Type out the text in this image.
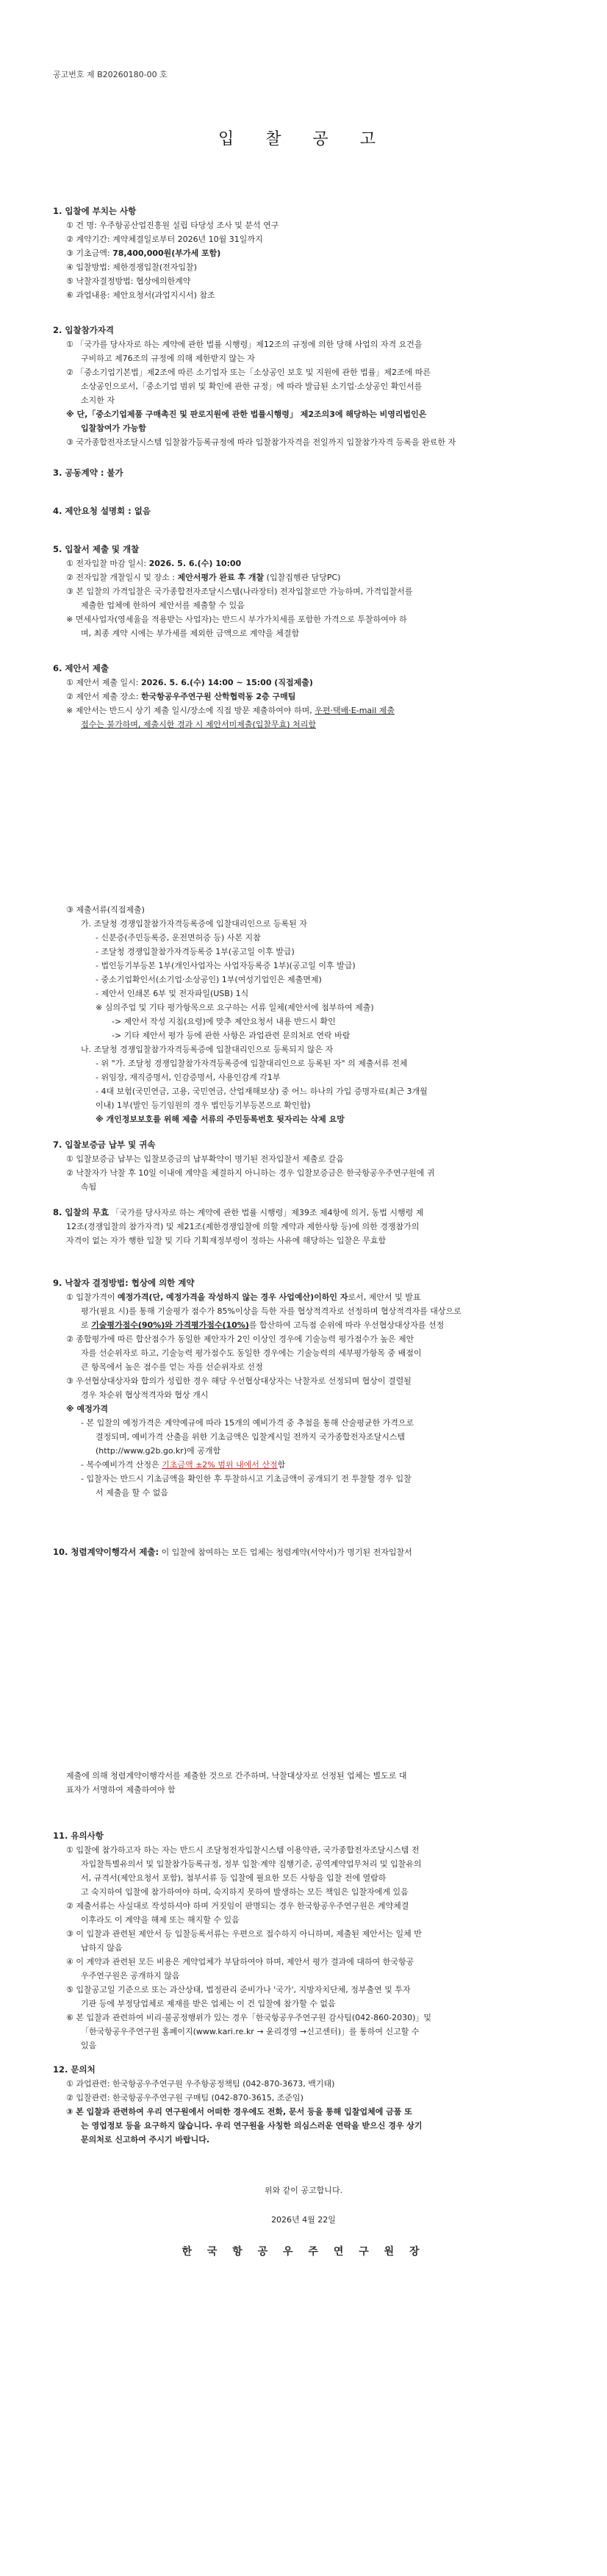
공고번호 제 B20260180-00 호
입 찰 공 고
1. 입찰에 부치는 사항
① 건 명: 우주항공산업진흥원 설립 타당성 조사 및 분석 연구
② 계약기간: 계약체결일로부터 2026년 10월 31일까지
③ 기초금액: 78,400,000원(부가세 포함)
④ 입찰방법: 제한경쟁입찰(전자입찰)
⑤ 낙찰자결정방법: 협상에의한계약
⑥ 과업내용: 제안요청서(과업지시서) 참조
2. 입찰참가자격
① 「국가를 당사자로 하는 계약에 관한 법률 시행령」제12조의 규정에 의한 당해 사업의 자격 요건을
구비하고 제76조의 규정에 의해 제한받지 않는 자
② 「중소기업기본법」제2조에 따른 소기업자 또는「소상공인 보호 및 지원에 관한 법률」제2조에 따른
소상공인으로서,「중소기업 범위 및 확인에 관한 규정」에 따라 발급된 소기업·소상공인 확인서를
소지한 자
※ 단,「중소기업제품 구매촉진 및 판로지원에 관한 법률시행령」 제2조의3에 해당하는 비영리법인은
입찰참여가 가능함
③ 국가종합전자조달시스템 입찰참가등록규정에 따라 입찰참가자격을 전일까지 입찰참가자격 등록을 완료한 자
3. 공동계약 : 불가
4. 제안요청 설명회 : 없음
5. 입찰서 제출 및 개찰
① 전자입찰 마감 일시: 2026. 5. 6.(수) 10:00
② 전자입찰 개찰일시 및 장소 : 제안서평가 완료 후 개찰 (입찰집행관 담당PC)
③ 본 입찰의 가격입찰은 국가종합전자조달시스템(나라장터) 전자입찰로만 가능하며, 가격입찰서를
제출한 업체에 한하여 제안서를 제출할 수 있음
※ 면세사업자(영세율을 적용받는 사업자)는 반드시 부가가치세를 포함한 가격으로 투찰하여야 하
며, 최종 계약 시에는 부가세를 제외한 금액으로 계약을 체결함
6. 제안서 제출
① 제안서 제출 일시: 2026. 5. 6.(수) 14:00 ~ 15:00 (직접제출)
② 제안서 제출 장소: 한국항공우주연구원 산학협력동 2층 구매팀
※ 제안서는 반드시 상기 제출 일시/장소에 직접 방문 제출하여야 하며, 우편·택배·E-mail 제출
접수는 불가하며, 제출시한 경과 시 제안서미제출(입찰무효) 처리함
③ 제출서류(직접제출)
가. 조달청 경쟁입찰참가자격등록증에 입찰대리인으로 등록된 자
- 신분증(주민등록증, 운전면허증 등) 사본 지참
- 조달청 경쟁입찰참가자격등록증 1부(공고일 이후 발급)
- 법인등기부등본 1부(개인사업자는 사업자등록증 1부)(공고일 이후 발급)
- 중소기업확인서(소기업·소상공인) 1부(여성기업인은 제출면제)
- 제안서 인쇄본 6부 및 전자파일(USB) 1식
※ 심의주업 및 기타 평가항목으로 요구하는 서류 일체(제안서에 첨부하여 제출)
-> 제안서 작성 지침(요령)에 맞추 제안요청서 내용 반드시 확인
-> 기타 제안서 평가 등에 관한 사항은 과업관련 문의처로 연락 바람
나. 조달청 경쟁입찰참가자격등록증에 입찰대리인으로 등록되지 않은 자
- 위 "가. 조달청 경쟁입찰참가자격등록증에 입찰대리인으로 등록된 자" 의 제출서류 전체
- 위임장, 재직증명서, 인감증명서, 사용인감계 각1부
- 4대 보험(국민연금, 고용, 국민연금, 산업재해보상) 중 어느 하나의 가입 증명자료(최근 3개월
이내) 1부(발인 등기임원의 경우 법인등기부등본으로 확인함)
※ 개인정보보호를 위해 제출 서류의 주민등록번호 뒷자리는 삭제 요망
7. 입찰보증금 납부 및 귀속
① 입찰보증금 납부는 입찰보증금의 납부확약이 명기된 전자입찰서 제출로 갈음
② 낙찰자가 낙찰 후 10일 이내에 계약을 체결하지 아니하는 경우 입찰보증금은 한국항공우주연구원에 귀
속됨
8. 입찰의 무효 「국가를 당사자로 하는 계약에 관한 법률 시행령」제39조 제4항에 의거, 동법 시행령 제
12조(경쟁입찰의 참가자격) 및 제21조(제한경쟁입찰에 의할 계약과 제한사항 등)에 의한 경쟁참가의
자격이 없는 자가 행한 입찰 및 기타 기획재정부령이 정하는 사유에 해당하는 입찰은 무효함
9. 낙찰자 결정방법: 협상에 의한 계약
① 입찰가격이 예정가격(단, 예정가격을 작성하지 않는 경우 사업예산)이하인 자로서, 제안서 및 발표
평가(필요 시)를 통해 기술평가 점수가 85%이상을 득한 자를 협상적격자로 선정하며 협상적격자를 대상으로
로 기술평가점수(90%)와 가격평가점수(10%)를 합산하여 고득점 순위에 따라 우선협상대상자를 선정
② 종합평가에 따른 합산점수가 동일한 제안자가 2인 이상인 경우에 기술능력 평가점수가 높은 제안
자를 선순위자로 하고, 기술능력 평가점수도 동일한 경우에는 기술능력의 세부평가항목 중 배점이
큰 항목에서 높은 점수를 얻는 자를 선순위자로 선정
③ 우선협상대상자와 합의가 성립한 경우 해당 우선협상대상자는 낙찰자로 선정되며 협상이 결렬될
경우 차순위 협상적격자와 협상 개시
※ 예정가격
- 본 입찰의 예정가격은 계약예규에 따라 15개의 예비가격 중 추첨을 통해 산술평균한 가격으로
결정되며, 예비가격 산출을 위한 기초금액은 입찰게시일 전까지 국가종합전자조달시스템
(http://www.g2b.go.kr)에 공개함
- 복수예비가격 산정은 기초금액 ±2% 범위 내에서 산정함
- 입찰자는 반드시 기초금액을 확인한 후 투찰하시고 기초금액이 공개되기 전 투찰할 경우 입찰
서 제출을 할 수 없음
10. 청렴계약이행각서 제출: 이 입찰에 참여하는 모든 업체는 청렴계약(서약서)가 명기된 전자입찰서
제출에 의해 청렴계약이행각서를 제출한 것으로 간주하며, 낙찰대상자로 선정된 업체는 별도로 대
표자가 서명하여 제출하여야 함
11. 유의사항
① 입찰에 참가하고자 하는 자는 반드시 조달청전자입찰시스템 이용약관, 국가종합전자조달시스템 전
자입찰특별유의서 및 입찰참가등록규정, 정부 입찰·계약 집행기준, 공역계약업무처리 및 입찰유의
서, 규격서(제안요청서 포함), 첨부서류 등 입찰에 필요한 모든 사항을 입찰 전에 열람하
고 숙지하여 입찰에 참가하여야 하며, 숙지하지 못하여 발생하는 모든 책임은 입찰자에게 있음
② 제출서류는 사실대로 작성하셔야 하며 거짓임이 판명되는 경우 한국항공우주연구원은 계약체결
이후라도 이 계약을 해제 또는 해지할 수 있음
③ 이 입찰과 관련된 제안서 등 입찰등록서류는 우편으로 접수하지 아니하며, 제출된 제안서는 일체 반
납하지 않음
④ 이 계약과 관련된 모든 비용은 계약업체가 부담하여야 하며, 제안서 평가 결과에 대하여 한국항공
우주연구원은 공개하지 않음
⑤ 입찰공고일 기준으로 또는 과산상태, 법정관리 준비가나 '국가', 지방자치단체, 정부출연 및 투자
기관 등에 부정당업체로 제재를 받은 업체는 이 건 입찰에 참가할 수 없음
⑥ 본 입찰과 관련하여 비리·불공정행위가 있는 경우「한국항공우주연구원 감사팀(042-860-2030)」및
「한국항공우주연구원 홈페이지(www.kari.re.kr → 윤리경영 →신고센터)」를 통하여 신고할 수
있음
12. 문의처
① 과업관련: 한국항공우주연구원 우주항공정책팀 (042-870-3673, 백기태)
② 입찰관련: 한국항공우주연구원 구매팀 (042-870-3615, 조준임)
③ 본 입찰과 관련하여 우리 연구원에서 어떠한 경우에도 전화, 문서 등을 통해 입찰업체에 금품 또
는 영업정보 등을 요구하지 않습니다. 우리 연구원을 사칭한 의심스러운 연락을 받으신 경우 상기
문의처로 신고하여 주시기 바랍니다.
위와 같이 공고합니다.
2026년 4월 22일
한 국 항 공 우 주 연 구 원 장
